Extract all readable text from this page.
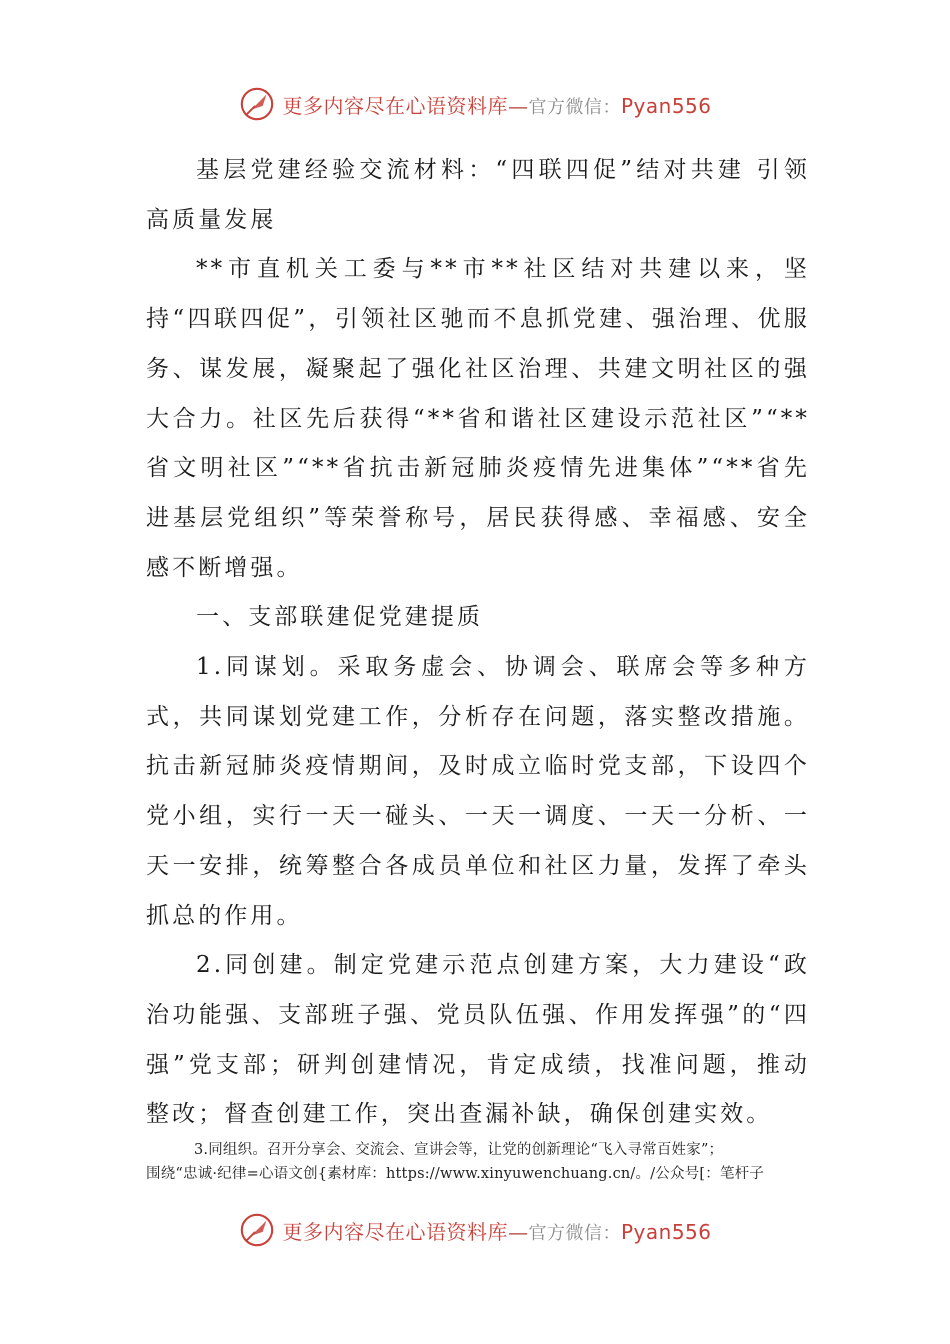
更多内容尽在心语资料库—官方微信：Pyan556

基层党建经验交流材料：“四联四促”结对共建 引领高质量发展

**市直机关工委与**市**社区结对共建以来，坚持“四联四促”，引领社区驰而不息抓党建、强治理、优服务、谋发展，凝聚起了强化社区治理、共建文明社区的强大合力。社区先后获得“**省和谐社区建设示范社区”“**省文明社区”“**省抗击新冠肺炎疫情先进集体”“**省先进基层党组织”等荣誉称号，居民获得感、幸福感、安全感不断增强。

一、支部联建促党建提质

1.同谋划。采取务虚会、协调会、联席会等多种方式，共同谋划党建工作，分析存在问题，落实整改措施。抗击新冠肺炎疫情期间，及时成立临时党支部，下设四个党小组，实行一天一碰头、一天一调度、一天一分析、一天一安排，统筹整合各成员单位和社区力量，发挥了牵头抓总的作用。

2.同创建。制定党建示范点创建方案，大力建设“政治功能强、支部班子强、党员队伍强、作用发挥强”的“四强”党支部；研判创建情况，肯定成绩，找准问题，推动整改；督查创建工作，突出查漏补缺，确保创建实效。

3.同组织。召开分享会、交流会、宣讲会等，让党的创新理论“飞入寻常百姓家”；
围绕“忠诚·纪律=心语文创{素材库：https://www.xinyuwenchuang.cn/。/公众号[：笔杆子
更多内容尽在心语资料库—官方微信：Pyan556
